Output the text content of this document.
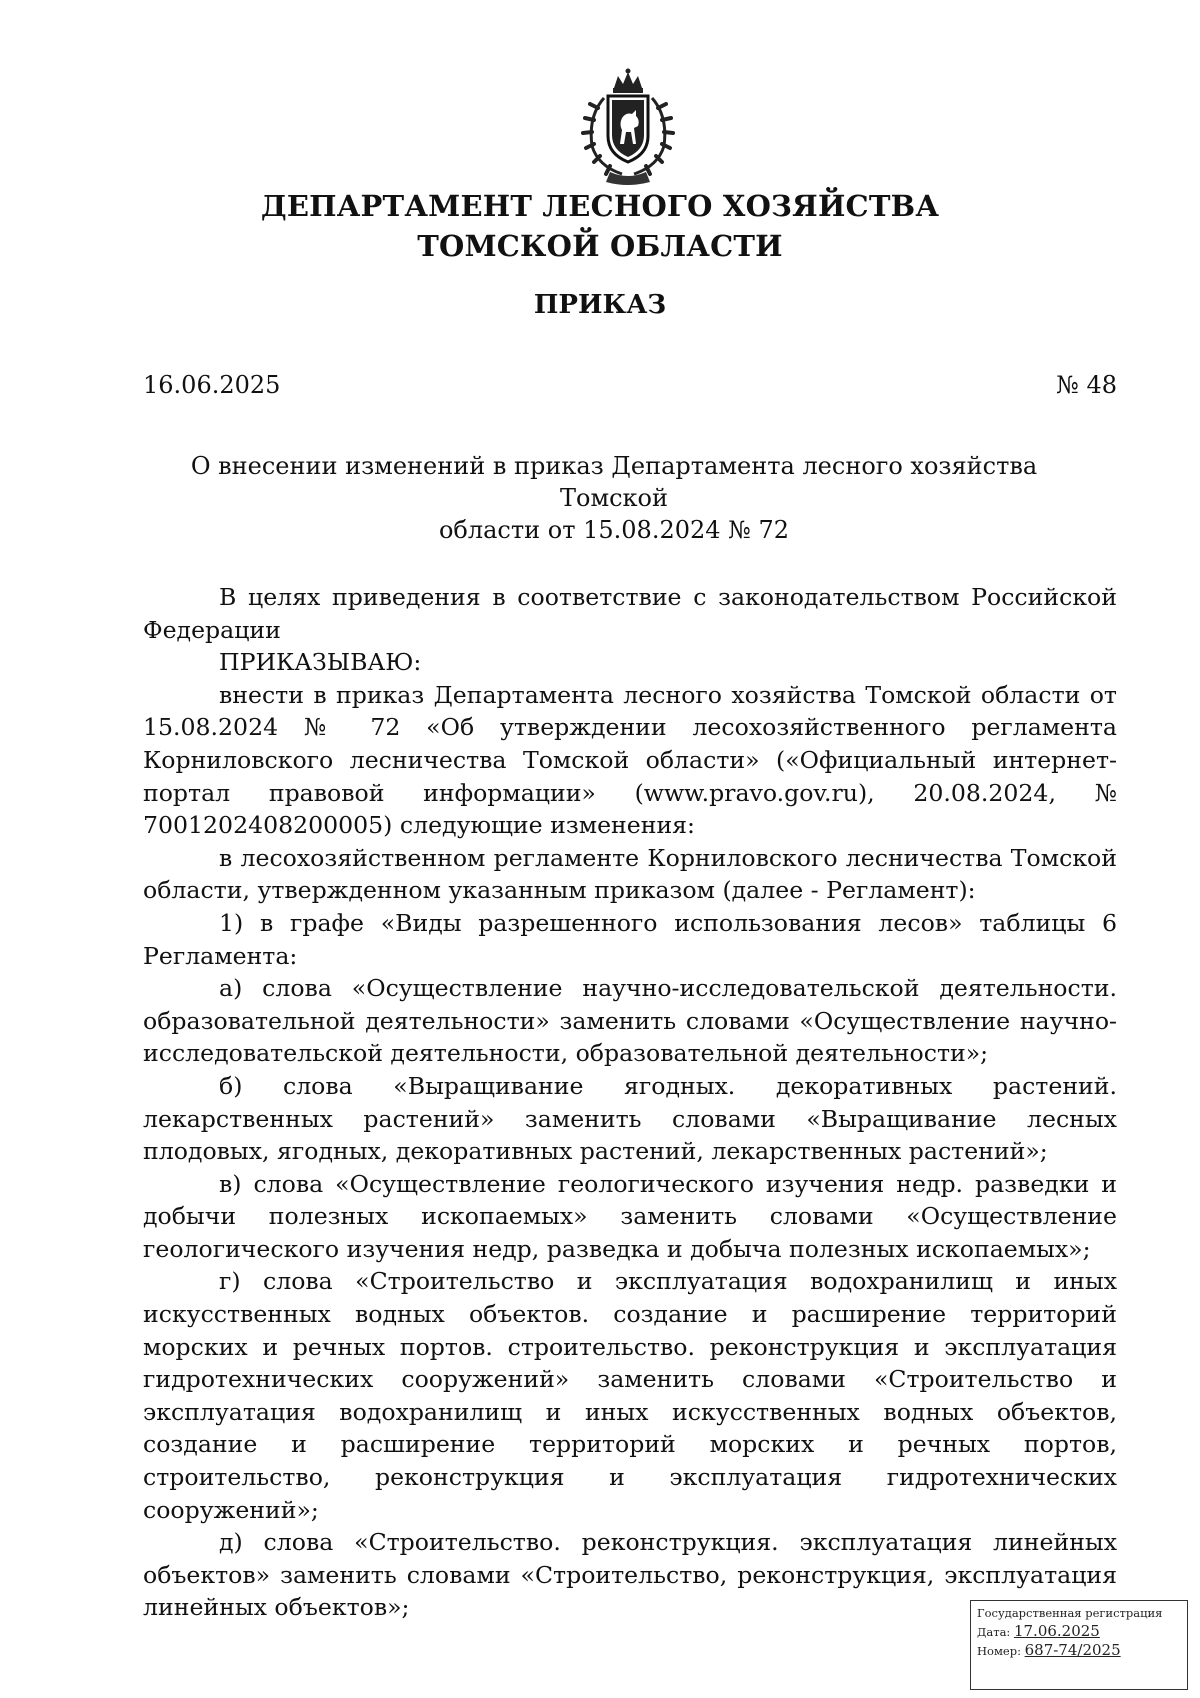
ДЕПАРТАМЕНТ ЛЕСНОГО ХОЗЯЙСТВА
ТОМСКОЙ ОБЛАСТИ
ПРИКАЗ
16.06.2025	№ 48
О внесении изменений в приказ Департамента лесного хозяйства Томской
области от 15.08.2024 № 72

В целях приведения в соответствие с законодательством Российской Федерации

ПРИКАЗЫВАЮ:

внести в приказ Департамента лесного хозяйства Томской области от 15.08.2024 № 72 «Об утверждении лесохозяйственного регламента Корниловского лесничества Томской области» («Официальный интернет-портал правовой информации» (www.pravo.gov.ru), 20.08.2024, № 7001202408200005) следующие изменения:

в лесохозяйственном регламенте Корниловского лесничества Томской области, утвержденном указанным приказом (далее - Регламент):

1) в графе «Виды разрешенного использования лесов» таблицы 6 Регламента:

а) слова «Осуществление научно-исследовательской деятельности. образовательной деятельности» заменить словами «Осуществление научно-исследовательской деятельности, образовательной деятельности»;

б) слова «Выращивание ягодных. декоративных растений. лекарственных растений» заменить словами «Выращивание лесных плодовых, ягодных, декоративных растений, лекарственных растений»;

в) слова «Осуществление геологического изучения недр. разведки и добычи полезных ископаемых» заменить словами «Осуществление геологического изучения недр, разведка и добыча полезных ископаемых»;

г) слова «Строительство и эксплуатация водохранилищ и иных искусственных водных объектов. создание и расширение территорий морских и речных портов. строительство. реконструкция и эксплуатация гидротехнических сооружений» заменить словами «Строительство и эксплуатация водохранилищ и иных искусственных водных объектов, создание и расширение территорий морских и речных портов, строительство, реконструкция и эксплуатация гидротехнических сооружений»;

д) слова «Строительство. реконструкция. эксплуатация линейных объектов» заменить словами «Строительство, реконструкция, эксплуатация линейных объектов»;	Государственная регистрация
Дата: 17.06.2025
Номер: 687-74/2025
